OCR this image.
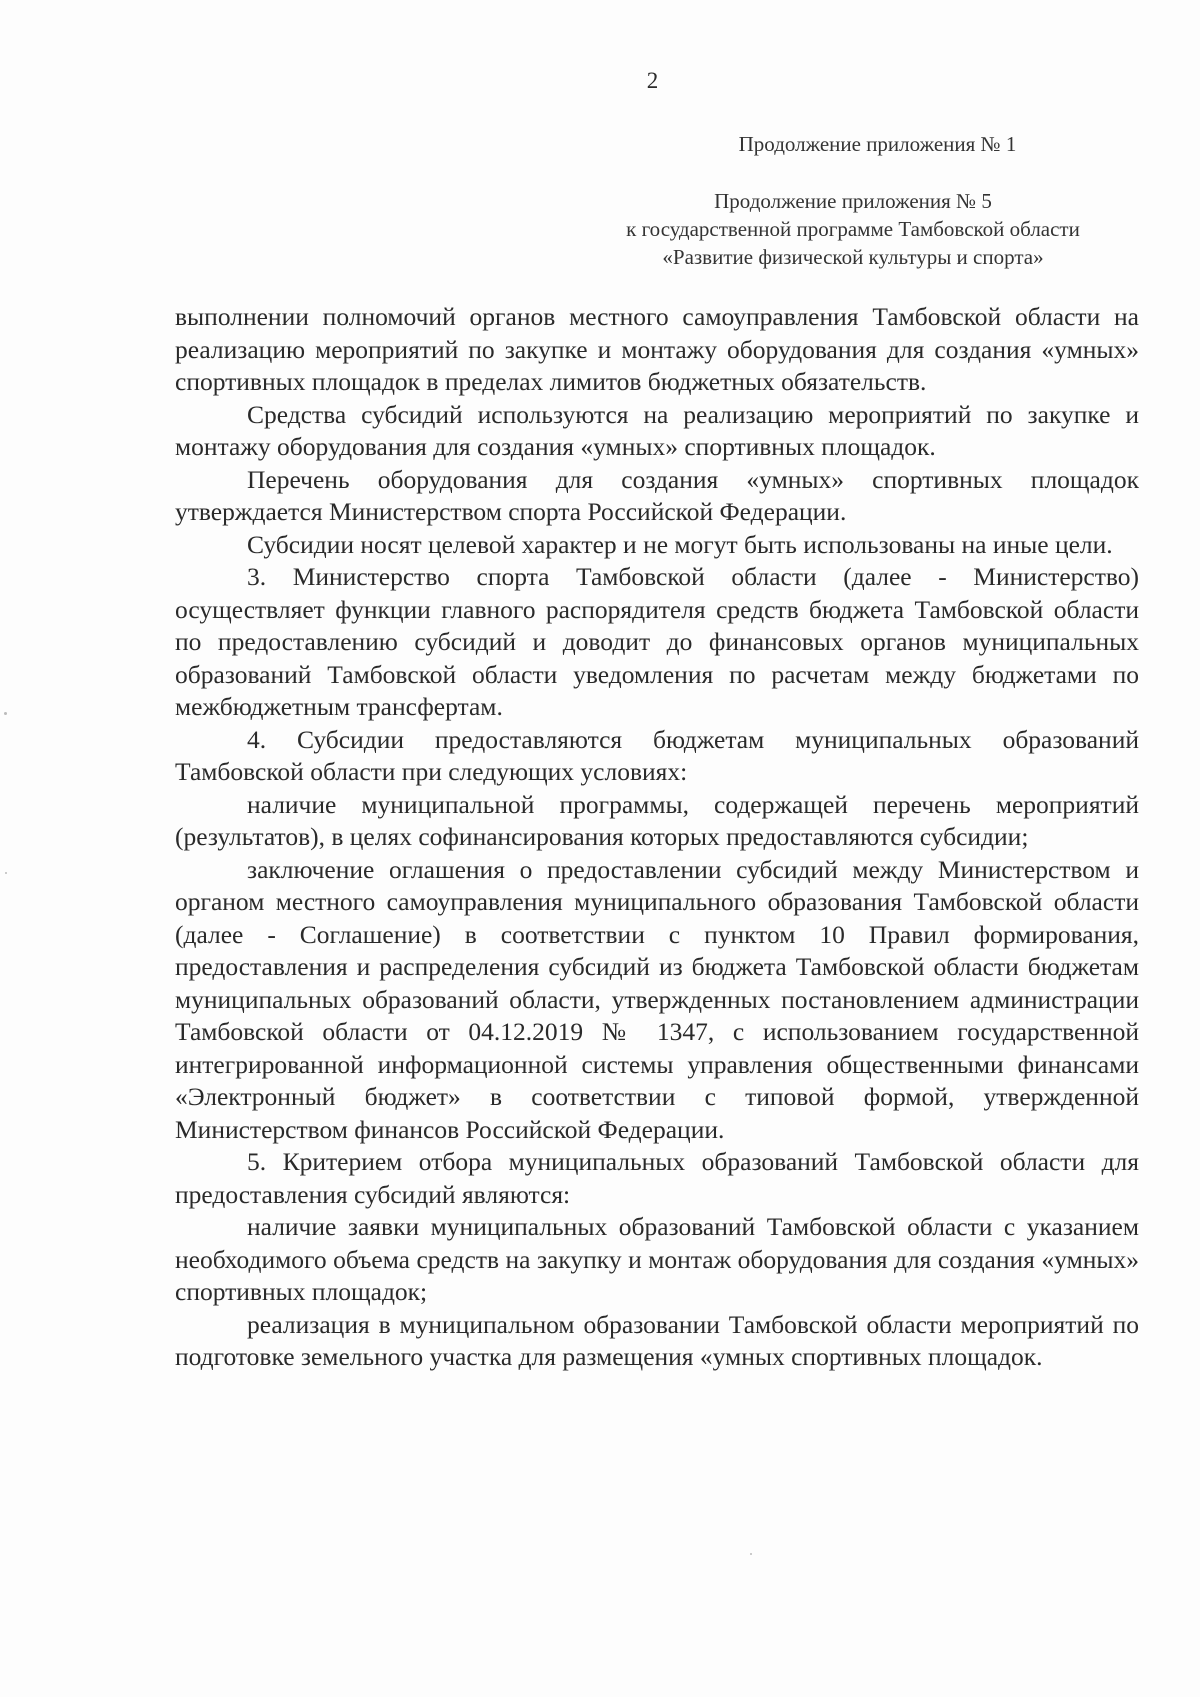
2
Продолжение приложения № 1
Продолжение приложения № 5
к государственной программе Тамбовской области
«Развитие физической культуры и спорта»

выполнении полномочий органов местного самоуправления Тамбовской области на реализацию мероприятий по закупке и монтажу оборудования для создания «умных» спортивных площадок в пределах лимитов бюджетных обязательств.

Средства субсидий используются на реализацию мероприятий по закупке и монтажу оборудования для создания «умных» спортивных площадок.

Перечень оборудования для создания «умных» спортивных площадок утверждается Министерством спорта Российской Федерации.

Субсидии носят целевой характер и не могут быть использованы на иные цели.

3. Министерство спорта Тамбовской области (далее - Министерство) осуществляет функции главного распорядителя средств бюджета Тамбовской области по предоставлению субсидий и доводит до финансовых органов муниципальных образований Тамбовской области уведомления по расчетам между бюджетами по межбюджетным трансфертам.

4. Субсидии предоставляются бюджетам муниципальных образований Тамбовской области при следующих условиях:

наличие муниципальной программы, содержащей перечень мероприятий (результатов), в целях софинансирования которых предоставляются субсидии;

заключение оглашения о предоставлении субсидий между Министерством и органом местного самоуправления муниципального образования Тамбовской области (далее - Соглашение) в соответствии с пунктом 10 Правил формирования, предоставления и распределения субсидий из бюджета Тамбовской области бюджетам муниципальных образований области, утвержденных постановлением администрации Тамбовской области от 04.12.2019 № 1347, с использованием государственной интегрированной информационной системы управления общественными финансами «Электронный бюджет» в соответствии с типовой формой, утвержденной Министерством финансов Российской Федерации.

5. Критерием отбора муниципальных образований Тамбовской области для предоставления субсидий являются:

наличие заявки муниципальных образований Тамбовской области с указанием необходимого объема средств на закупку и монтаж оборудования для создания «умных» спортивных площадок;

реализация в муниципальном образовании Тамбовской области мероприятий по подготовке земельного участка для размещения «умных спортивных площадок.
